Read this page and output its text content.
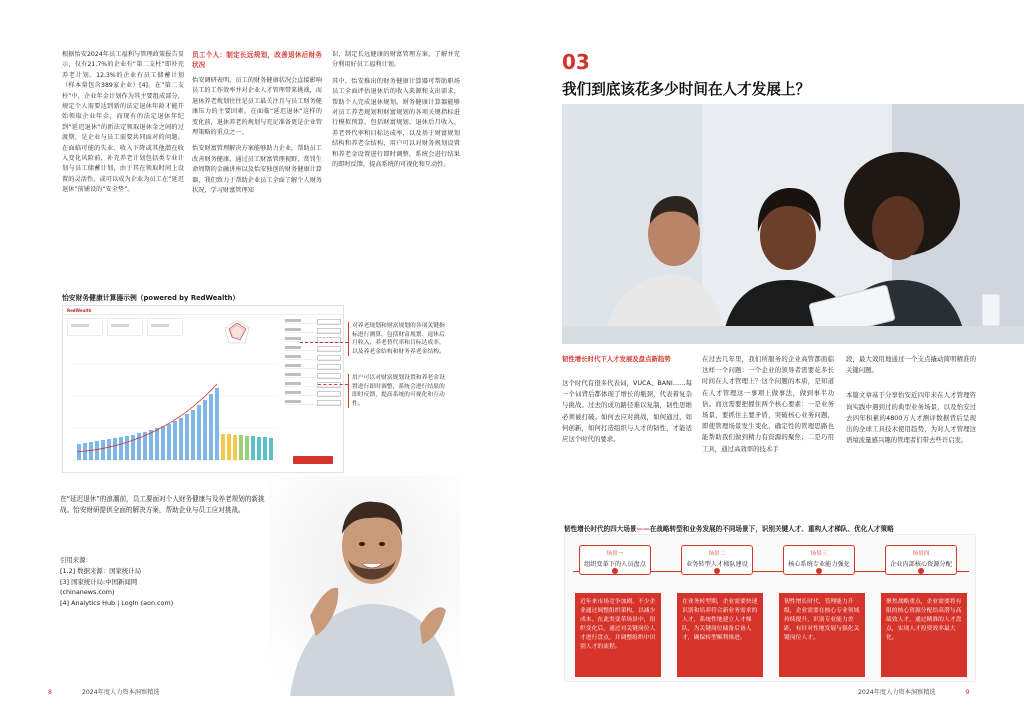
根据怡安2024年员工福利与管理政策报告显示，仅有21.7%的企业有“第二支柱”即补充养老计划。12.3%的企业有员工储蓄计划（样本量包含389家企业）[4]。在“第二支柱”中，企业年金计划作为其主要组成部分，规定个人需要达到新的法定退休年龄才能开始领取企业年金，而现有的法定退休年纪到“延迟退休”的新法定领取退休金之间的过渡期，是企业与员工需要共同面对的问题。在面临可能的失业、收入下降或其他潜在收入变化风险前，补充养老计划包括类专业计划与员工储蓄计划，由于其在领取时间上设置的灵活性，或可以成为企业为员工在“延迟退休”前铺设的“安全垫”。

员工个人：制定长远规划，改善退休后财务状况

怡安调研表明，员工的财务健康状况会直接影响员工的工作效率并对企业人才管理带来挑战，而退休养老规划往往是员工最关注且与员工财务健康压力的主要因素。在面临“延迟退休”这样的变化前，退休养老的规划与充足准备更是企业管理策略的重点之一。

怡安财富管理解决方案能够助力企业，帮助员工改善财务健康，通过员工财富管理视野、赏罚生命周期的金融讲座以及怡安独创的财务健康计算器，我们致力于帮助企业员工全面了解个人财务状况，学习财富管理知

识，制定长远健康的财富管理方案，了解并充分利用好员工福利计划。

其中，怡安推出的财务健康计算器可帮助职场员工全面评估退休后的收入来源和支出需求，帮助个人完成退休规划。财务健康计算器能够对员工养老规划和财富规划的各项关键指标进行模拟预算，包括财富规划、退休后月收入、养老替代率和目标达成率，以及基于财富规划结构和养老金结构，用户可以对财务规划设置和养老金设置进行即时调整，系统会进行结果的即时反馈，提高系统的可视化和互动性。

怡安财务健康计算器示例（powered by RedWealth）
RedWealth
对养老规划和财富规划的各项关键指标进行测算，包括财富规划、退休后月收入、养老替代率和目标达成率，以及养老金结构和财务养老金结构。
用户可以对财富规划设置和养老金设置进行即时调整，系统会进行结果的即时反馈，提高系统的可视化和互动性。
在“延迟退休”的浪潮前，员工要面对个人财务健康与及养老规划的新挑战。怡安财研提供全面的解决方案，帮助企业与员工应对挑战。
引用来源：
[1,2] 数据来源：国家统计局
[3] 国家统计局:中国新闻网
(chinanews.com)
[4] Analytics Hub | LogIn (aon.com)
8	2024年度人力资本洞察精选
03
我们到底该花多少时间在人才发展上？
韧性增长时代下人才发展及盘点新趋势
这个时代有很多代表词，VUCA、BANI……每一个词背后都体现了增长的瓶颈，代表着复杂与挑战。过去的成功路径难以复制，韧性思维必须被打破。如何去应对挑战，如何通过、如何创新，如何打造组织与人才的韧性，才能适应这个时代的要求。
在过去几年里，我们所服务的企业高管都面临这样一个问题：一个企业的领导者需要花多长时间在人才管理上？这个问题的本质，是知道在人才管理这一事项上做事法，做到事半功倍。而这需要把握住两个核心要素：一是业务场景，要抓住主要矛盾，突破核心业务问题，即使管理场景发生变化，确定性的管理思路也能帮助我们做到精力有资源的聚焦；二是巧用工具，通过高效率的技术手

段，最大效用地通过一个支点撬动简明精准的关键问题。

本篇文章基于分享怡安近四年来在人才管理咨询实践中遇到过的典型业务场景，以及怡安过去四年积累的4800万人才测评数据背后呈现出的全球工具技术使用趋势，为对人才管理这语境流量感兴趣的管理者们带去些许启发。

韧性增长时代的四大场景——在战略转型和业务发展的不同场景下，识别关键人才、重构人才梯队、优化人才策略
场景一
组织变革下的人员盘点
场景二
业务转型人才梯队建设
场景三
核心系统专业能力强化
场景四
企业内部核心资源分配
近年来市场竞争加剧，不少企业通过调整组织架构，以减少成本。在此类变革场景中，组织变化后，通过对关键岗位人才进行盘点，并调整组织中识别人才的流程。
在业务转型期，企业需要快速识别和培养符合新业务需求的人才，系统性地建立人才梯队，为关键岗位储备后备人才，确保转型顺利推进。
韧性增长时代，管理能力升级，企业需要在核心专业领域持续提升，识别专业能力差距，有针对性地发展与强化关键岗位人才。
聚焦战略重点，企业需要将有限的核心资源分配给高潜与高绩效人才，通过精准的人才盘点，实现人才投资效率最大化。
2024年度人力资本洞察精选	9
